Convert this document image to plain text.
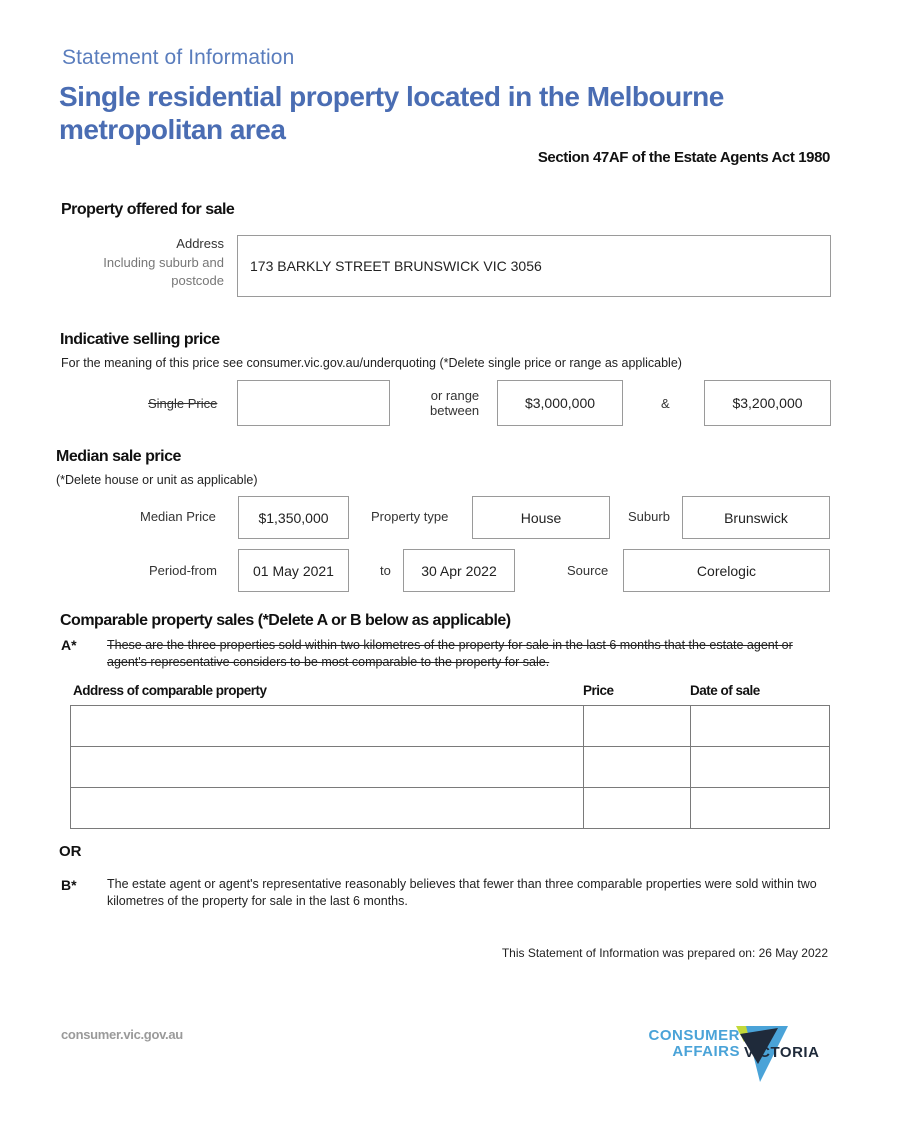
Statement of Information
Single residential property located in the Melbourne metropolitan area
Section 47AF of the Estate Agents Act 1980
Property offered for sale
Address
Including suburb and
postcode
173 BARKLY STREET BRUNSWICK VIC 3056
Indicative selling price
For the meaning of this price see consumer.vic.gov.au/underquoting (*Delete single price or range as applicable)
Single Price
or range
between	$3,000,000	&	$3,200,000
Median sale price
(*Delete house or unit as applicable)
Median Price	$1,350,000	Property type	House	Suburb	Brunswick
Period-from	01 May 2021	to 30 Apr 2022	Source	Corelogic
Comparable property sales (*Delete A or B below as applicable)
A* These are the three properties sold within two kilometres of the property for sale in the last 6 months that the estate agent or agent's representative considers to be most comparable to the property for sale.
Address of comparable property	Price	Date of sale

OR
B* The estate agent or agent's representative reasonably believes that fewer than three comparable properties were sold within two kilometres of the property for sale in the last 6 months.
This Statement of Information was prepared on: 26 May 2022
consumer.vic.gov.au	CONSUMER
AFFAIRS VICTORIA
